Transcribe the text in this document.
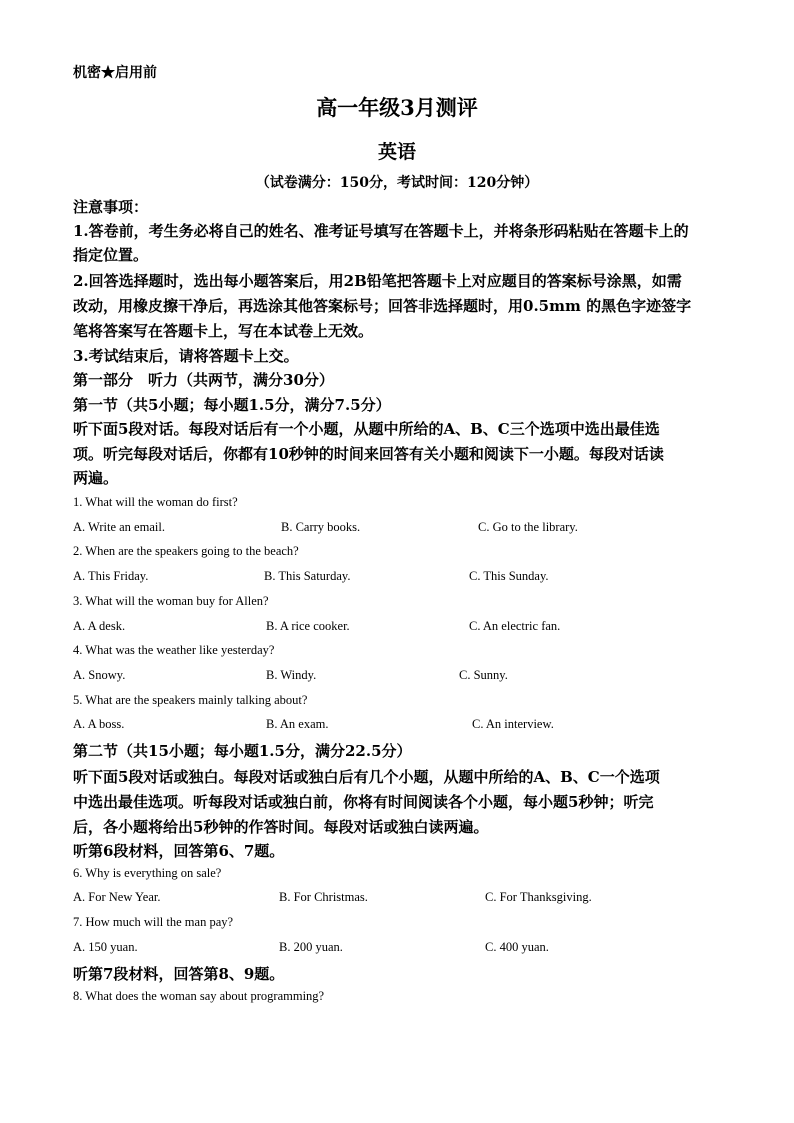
机密★启用前
高一年级3月测评
英语
（试卷满分：150分，考试时间：120分钟）
注意事项：
1.答卷前，考生务必将自己的姓名、准考证号填写在答题卡上，并将条形码粘贴在答题卡上的
指定位置。
2.回答选择题时，选出每小题答案后，用2B铅笔把答题卡上对应题目的答案标号涂黑，如需
改动，用橡皮擦干净后，再选涂其他答案标号；回答非选择题时，用0.5mm 的黑色字迹签字
笔将答案写在答题卡上，写在本试卷上无效。
3.考试结束后，请将答题卡上交。
第一部分　听力（共两节，满分30分）
第一节（共5小题；每小题1.5分，满分7.5分）
听下面5段对话。每段对话后有一个小题，从题中所给的A、B、C三个选项中选出最佳选
项。听完每段对话后，你都有10秒钟的时间来回答有关小题和阅读下一小题。每段对话读
两遍。
1. What will the woman do first?
A. Write an email.	B. Carry books.	C. Go to the library.
2. When are the speakers going to the beach?
A. This Friday.	B. This Saturday.	C. This Sunday.
3. What will the woman buy for Allen?
A. A desk.	B. A rice cooker.	C. An electric fan.
4. What was the weather like yesterday?
A. Snowy.	B. Windy.	C. Sunny.
5. What are the speakers mainly talking about?
A. A boss.	B. An exam.	C. An interview.
第二节（共15小题；每小题1.5分，满分22.5分）
听下面5段对话或独白。每段对话或独白后有几个小题，从题中所给的A、B、C一个选项
中选出最佳选项。听每段对话或独白前，你将有时间阅读各个小题，每小题5秒钟；听完
后，各小题将给出5秒钟的作答时间。每段对话或独白读两遍。
听第6段材料，回答第6、7题。
6. Why is everything on sale?
A. For New Year.	B. For Christmas.	C. For Thanksgiving.
7. How much will the man pay?
A. 150 yuan.	B. 200 yuan.	C. 400 yuan.
听第7段材料，回答第8、9题。
8. What does the woman say about programming?
